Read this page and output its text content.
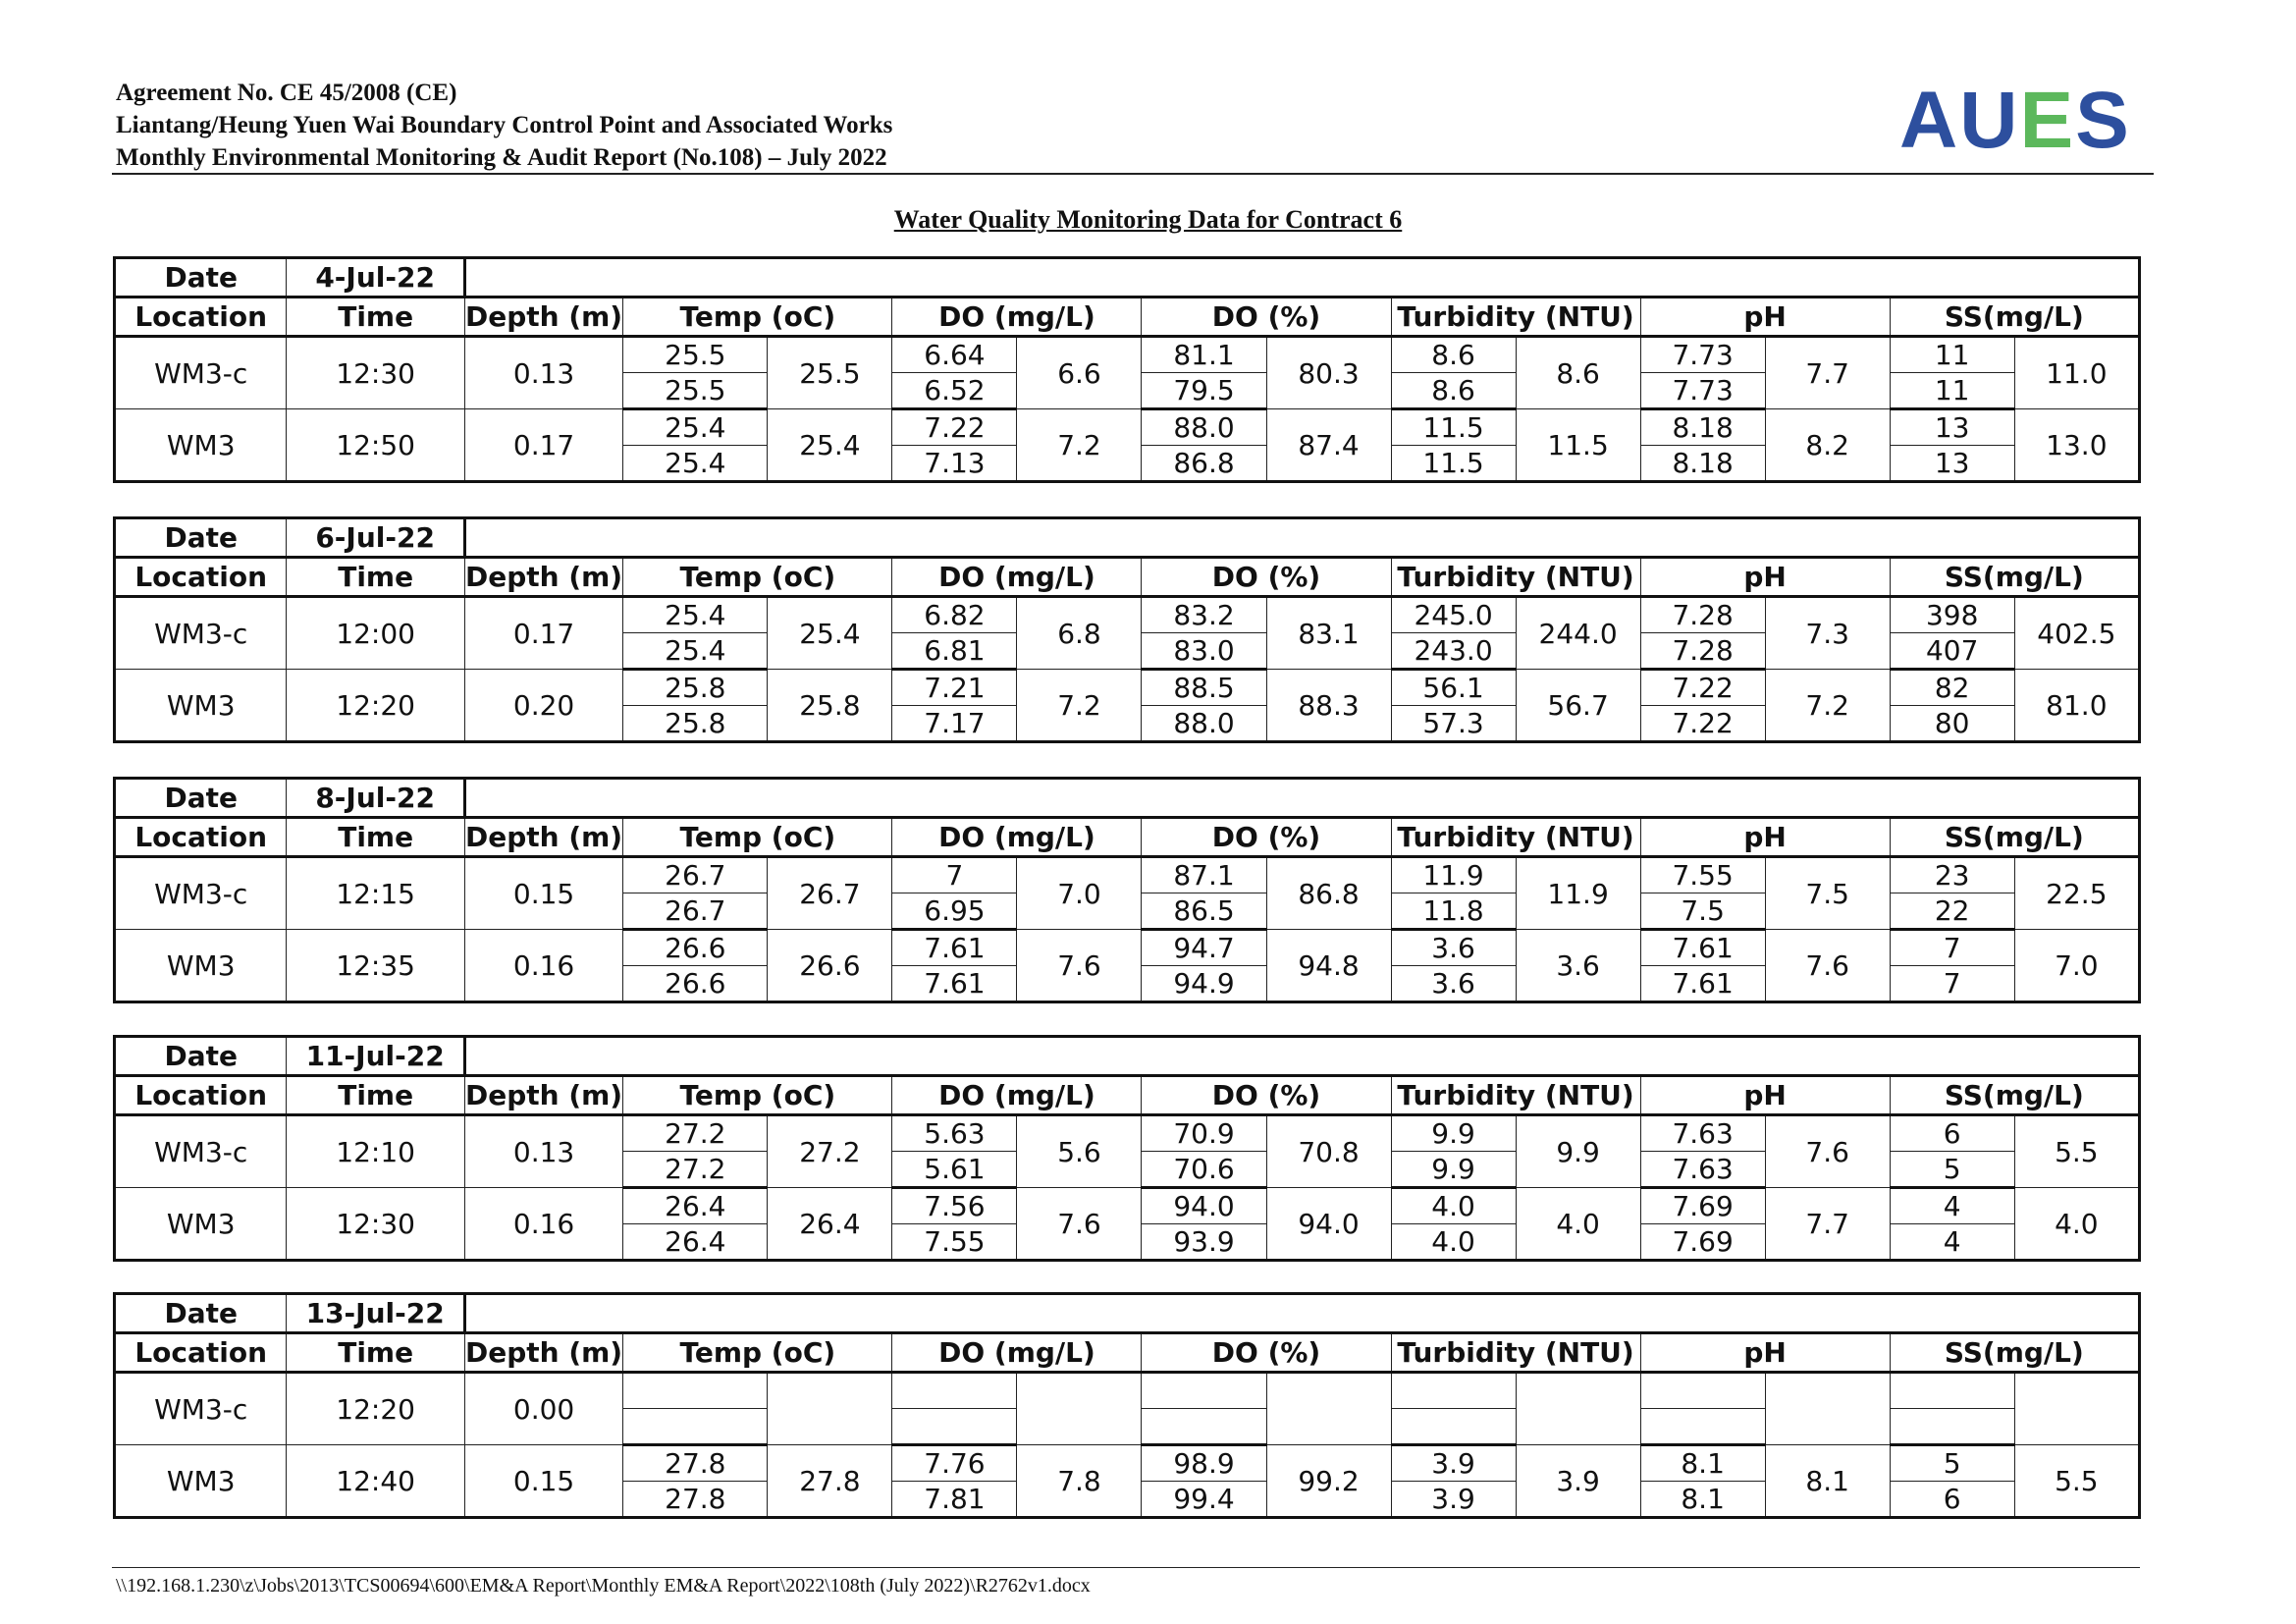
Agreement No. CE 45/2008 (CE)
Liantang/Heung Yuen Wai Boundary Control Point and Associated Works
Monthly Environmental Monitoring & Audit Report (No.108) – July 2022	AUES
Water Quality Monitoring Data for Contract 6
Date	4-Jul-22													
Location	Time	Depth (m)	Temp (oC)		DO (mg/L)		DO (%)		Turbidity (NTU)		pH		SS(mg/L)	
WM3-c	12:30	0.13	25.5	25.5	6.64	6.6	81.1	80.3	8.6	8.6	7.73	7.7	11	11.0
			25.5		6.52		79.5		8.6		7.73		11	
WM3	12:50	0.17	25.4	25.4	7.22	7.2	88.0	87.4	11.5	11.5	8.18	8.2	13	13.0
			25.4		7.13		86.8		11.5		8.18		13	
Date	6-Jul-22													
Location	Time	Depth (m)	Temp (oC)		DO (mg/L)		DO (%)		Turbidity (NTU)		pH		SS(mg/L)	
WM3-c	12:00	0.17	25.4	25.4	6.82	6.8	83.2	83.1	245.0	244.0	7.28	7.3	398	402.5
			25.4		6.81		83.0		243.0		7.28		407	
WM3	12:20	0.20	25.8	25.8	7.21	7.2	88.5	88.3	56.1	56.7	7.22	7.2	82	81.0
			25.8		7.17		88.0		57.3		7.22		80	
Date	8-Jul-22													
Location	Time	Depth (m)	Temp (oC)		DO (mg/L)		DO (%)		Turbidity (NTU)		pH		SS(mg/L)	
WM3-c	12:15	0.15	26.7	26.7	7	7.0	87.1	86.8	11.9	11.9	7.55	7.5	23	22.5
			26.7		6.95		86.5		11.8		7.5		22	
WM3	12:35	0.16	26.6	26.6	7.61	7.6	94.7	94.8	3.6	3.6	7.61	7.6	7	7.0
			26.6		7.61		94.9		3.6		7.61		7	
Date	11-Jul-22													
Location	Time	Depth (m)	Temp (oC)		DO (mg/L)		DO (%)		Turbidity (NTU)		pH		SS(mg/L)	
WM3-c	12:10	0.13	27.2	27.2	5.63	5.6	70.9	70.8	9.9	9.9	7.63	7.6	6	5.5
			27.2		5.61		70.6		9.9		7.63		5	
WM3	12:30	0.16	26.4	26.4	7.56	7.6	94.0	94.0	4.0	4.0	7.69	7.7	4	4.0
			26.4		7.55		93.9		4.0		7.69		4	
Date	13-Jul-22													
Location	Time	Depth (m)	Temp (oC)		DO (mg/L)		DO (%)		Turbidity (NTU)		pH		SS(mg/L)	
WM3-c	12:20	0.00												

WM3	12:40	0.15	27.8	27.8	7.76	7.8	98.9	99.2	3.9	3.9	8.1	8.1	5	5.5
			27.8		7.81		99.4		3.9		8.1		6	
\\192.168.1.230\z\Jobs\2013\TCS00694\600\EM&A Report\Monthly EM&A Report\2022\108th (July 2022)\R2762v1.docx
